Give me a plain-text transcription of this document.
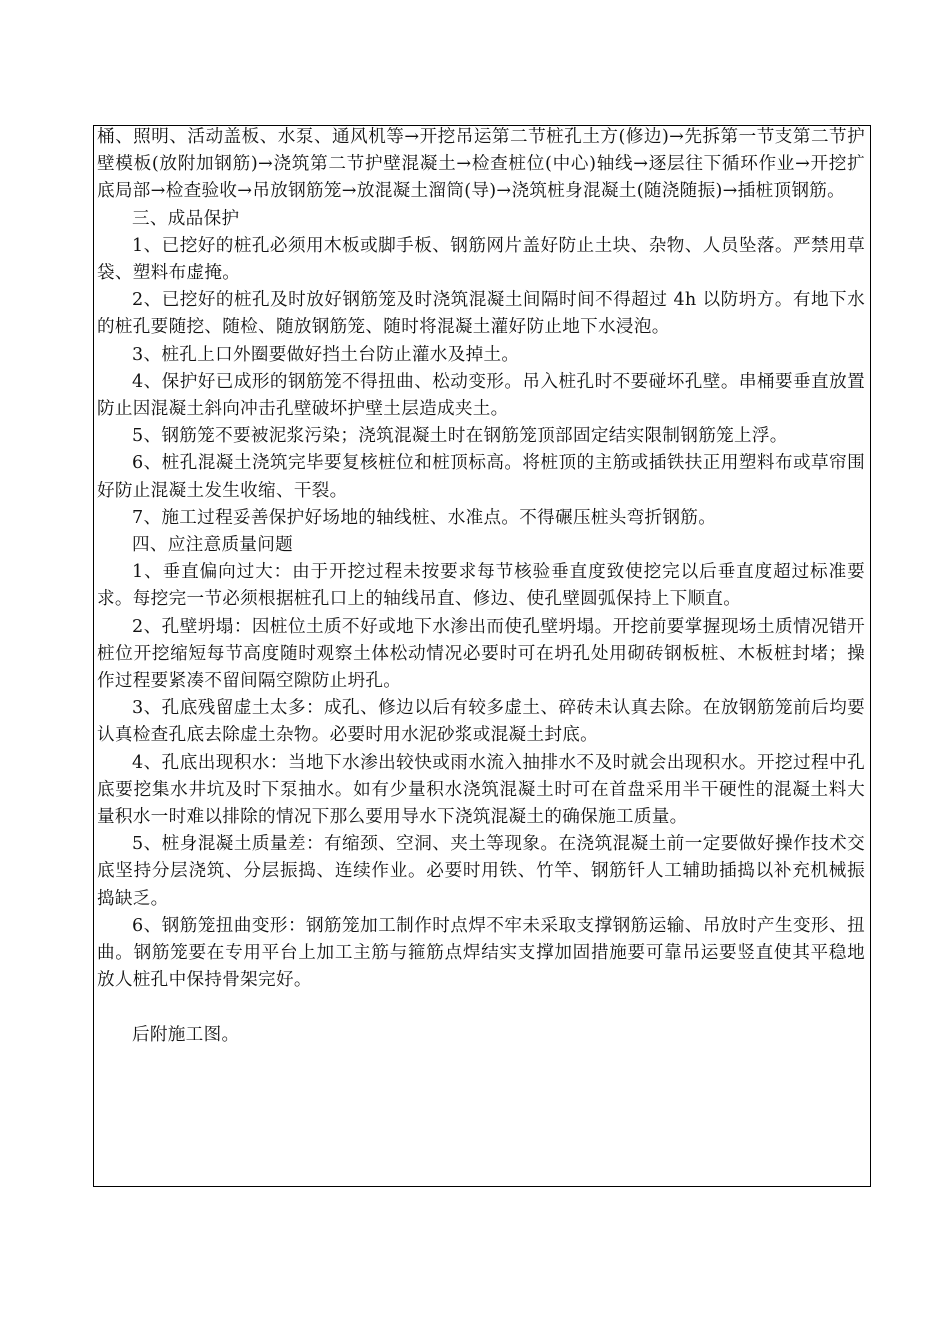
桶、照明、活动盖板、水泵、通风机等→开挖吊运第二节桩孔土方(修边)→先拆第一节支第二节护壁模板(放附加钢筋)→浇筑第二节护壁混凝土→检查桩位(中心)轴线→逐层往下循环作业→开挖扩底局部→检查验收→吊放钢筋笼→放混凝土溜筒(导)→浇筑桩身混凝土(随浇随振)→插桩顶钢筋。

三、成品保护

1、已挖好的桩孔必须用木板或脚手板、钢筋网片盖好防止土块、杂物、人员坠落。严禁用草袋、塑料布虚掩。

2、已挖好的桩孔及时放好钢筋笼及时浇筑混凝土间隔时间不得超过 4h 以防坍方。有地下水的桩孔要随挖、随检、随放钢筋笼、随时将混凝土灌好防止地下水浸泡。

3、桩孔上口外圈要做好挡土台防止灌水及掉土。

4、保护好已成形的钢筋笼不得扭曲、松动变形。吊入桩孔时不要碰坏孔壁。串桶要垂直放置防止因混凝土斜向冲击孔壁破坏护壁土层造成夹土。

5、钢筋笼不要被泥浆污染；浇筑混凝土时在钢筋笼顶部固定结实限制钢筋笼上浮。

6、桩孔混凝土浇筑完毕要复核桩位和桩顶标高。将桩顶的主筋或插铁扶正用塑料布或草帘围好防止混凝土发生收缩、干裂。

7、施工过程妥善保护好场地的轴线桩、水准点。不得碾压桩头弯折钢筋。

四、应注意质量问题

1、垂直偏向过大：由于开挖过程未按要求每节核验垂直度致使挖完以后垂直度超过标准要求。每挖完一节必须根据桩孔口上的轴线吊直、修边、使孔壁圆弧保持上下顺直。

2、孔壁坍塌：因桩位土质不好或地下水渗出而使孔壁坍塌。开挖前要掌握现场土质情况错开桩位开挖缩短每节高度随时观察土体松动情况必要时可在坍孔处用砌砖钢板桩、木板桩封堵；操作过程要紧凑不留间隔空隙防止坍孔。

3、孔底残留虚土太多：成孔、修边以后有较多虚土、碎砖未认真去除。在放钢筋笼前后均要认真检查孔底去除虚土杂物。必要时用水泥砂浆或混凝土封底。

4、孔底出现积水：当地下水渗出较快或雨水流入抽排水不及时就会出现积水。开挖过程中孔底要挖集水井坑及时下泵抽水。如有少量积水浇筑混凝土时可在首盘采用半干硬性的混凝土料大量积水一时难以排除的情况下那么要用导水下浇筑混凝土的确保施工质量。

5、桩身混凝土质量差：有缩颈、空洞、夹土等现象。在浇筑混凝土前一定要做好操作技术交底坚持分层浇筑、分层振捣、连续作业。必要时用铁、竹竿、钢筋钎人工辅助插捣以补充机械振捣缺乏。

6、钢筋笼扭曲变形：钢筋笼加工制作时点焊不牢未采取支撑钢筋运输、吊放时产生变形、扭曲。钢筋笼要在专用平台上加工主筋与箍筋点焊结实支撑加固措施要可靠吊运要竖直使其平稳地放人桩孔中保持骨架完好。

后附施工图。
